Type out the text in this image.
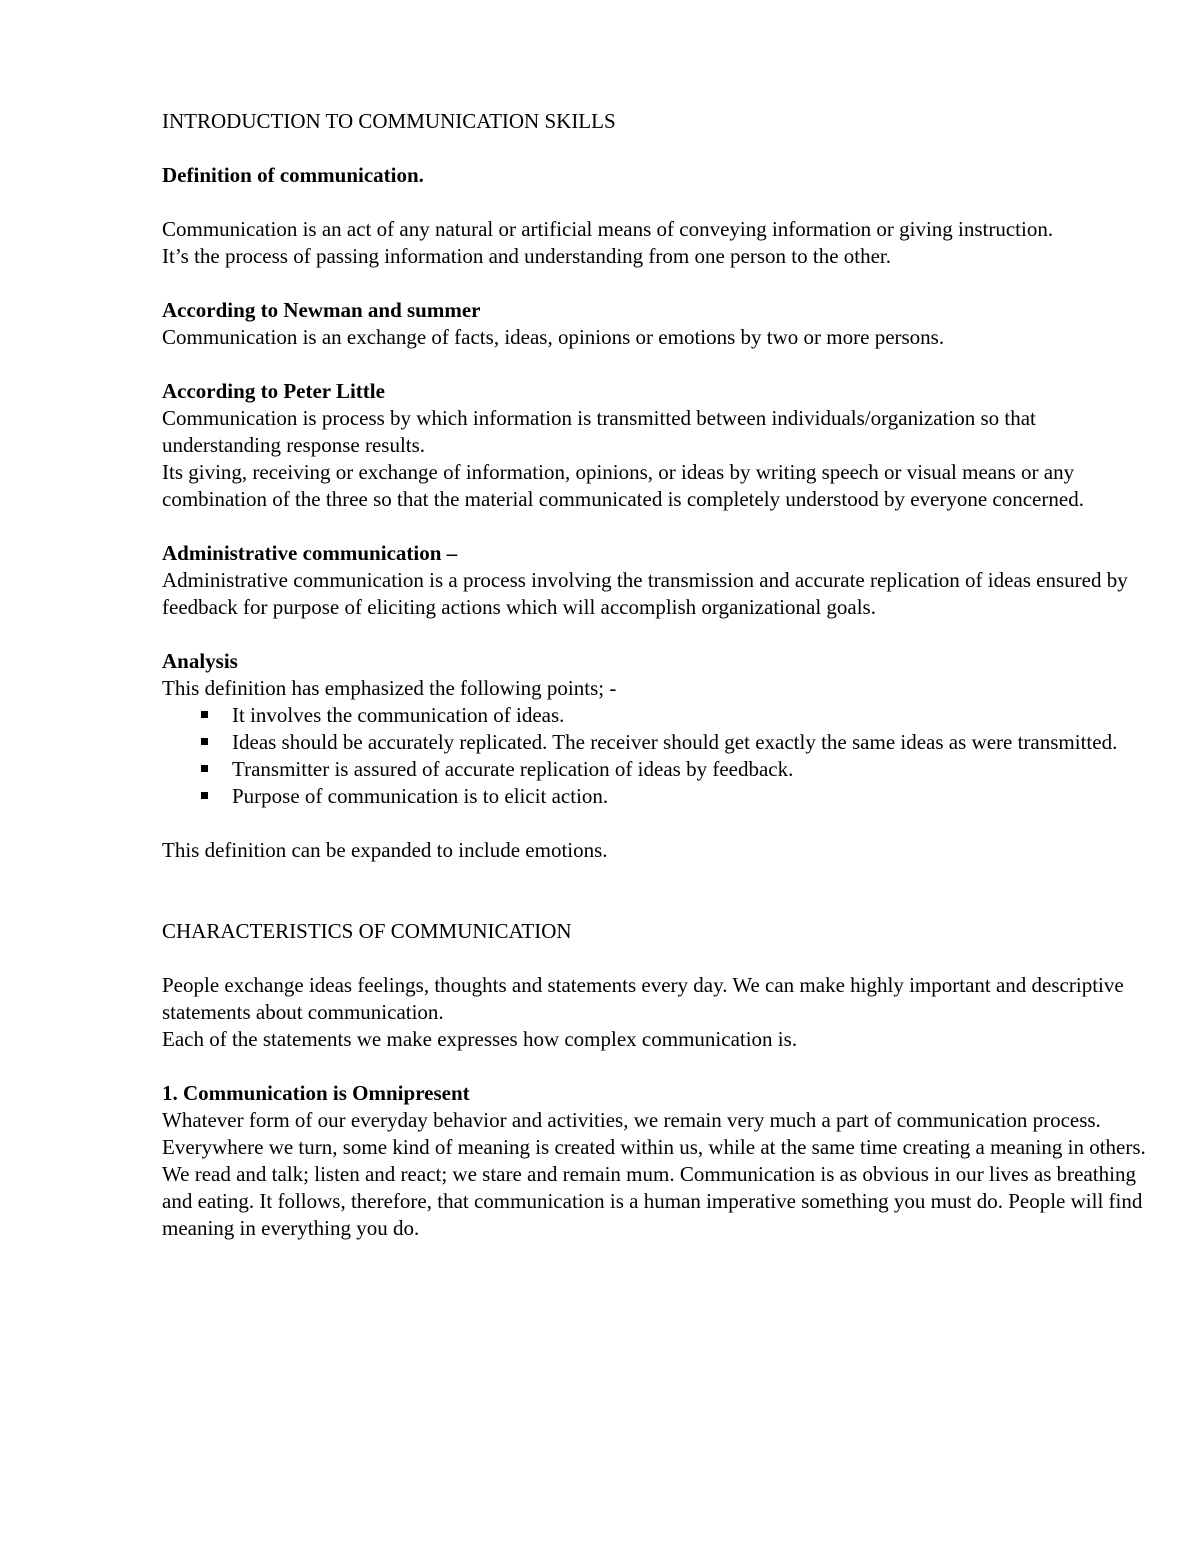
INTRODUCTION TO COMMUNICATION SKILLS

Definition of communication.

Communication is an act of any natural or artificial means of conveying information or giving instruction.

It’s the process of passing information and understanding from one person to the other.

According to Newman and summer

Communication is an exchange of facts, ideas, opinions or emotions by two or more persons.

According to Peter Little

Communication is process by which information is transmitted between individuals/organization so that understanding response results.

Its giving, receiving or exchange of information, opinions, or ideas by writing speech or visual means or any combination of the three so that the material communicated is completely understood by everyone concerned.

Administrative communication –

Administrative communication is a process involving the transmission and accurate replication of ideas ensured by feedback for purpose of eliciting actions which will accomplish organizational goals.

Analysis

This definition has emphasized the following points; -

It involves the communication of ideas.
Ideas should be accurately replicated. The receiver should get exactly the same ideas as were transmitted.
Transmitter is assured of accurate replication of ideas by feedback.
Purpose of communication is to elicit action.

This definition can be expanded to include emotions.

CHARACTERISTICS OF COMMUNICATION

People exchange ideas feelings, thoughts and statements every day. We can make highly important and descriptive statements about communication.

Each of the statements we make expresses how complex communication is.

1. Communication is Omnipresent

Whatever form of our everyday behavior and activities, we remain very much a part of communication process. Everywhere we turn, some kind of meaning is created within us, while at the same time creating a meaning in others. We read and talk; listen and react; we stare and remain mum. Communication is as obvious in our lives as breathing and eating. It follows, therefore, that communication is a human imperative something you must do. People will find meaning in everything you do.
